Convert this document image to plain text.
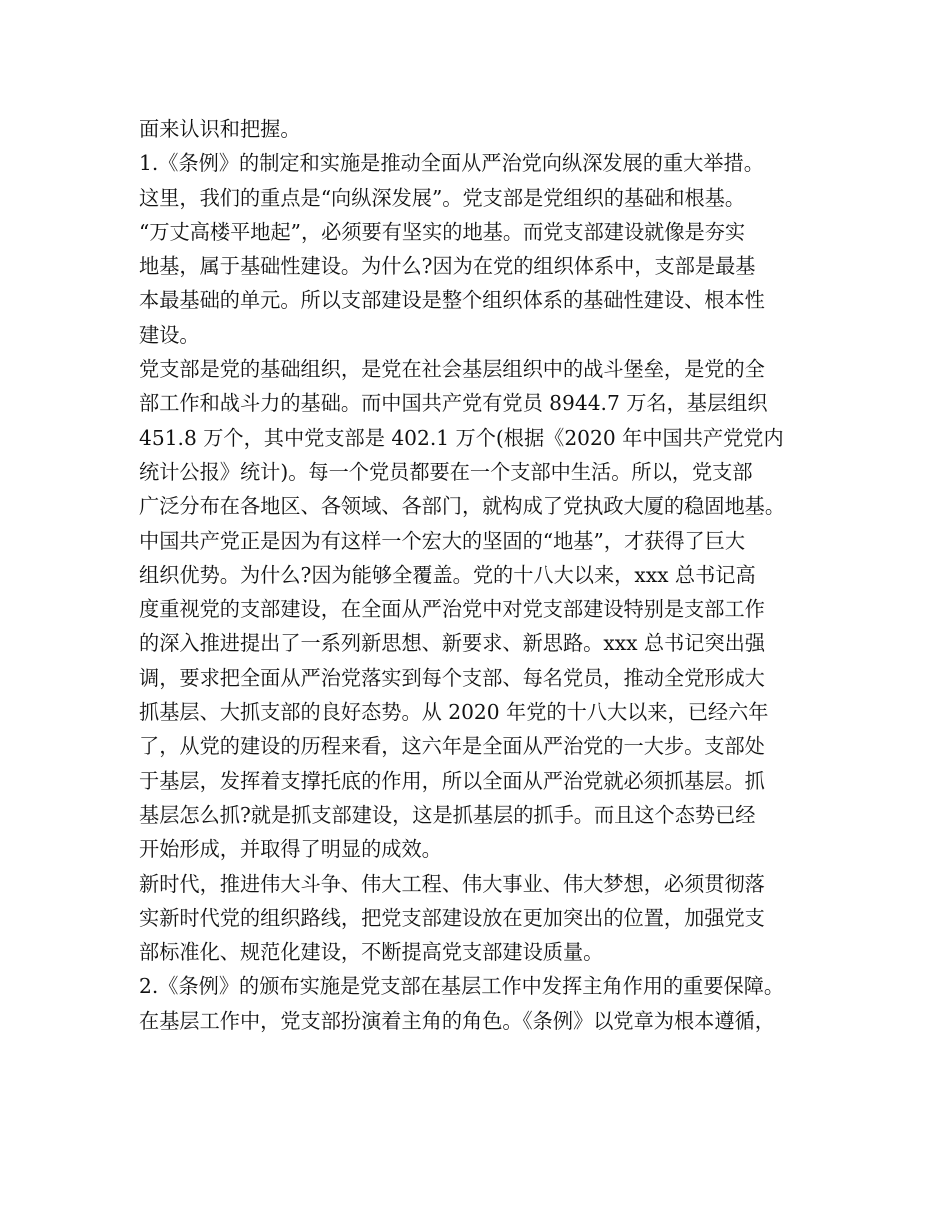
面来认识和把握。
1.《条例》的制定和实施是推动全面从严治党向纵深发展的重大举措。
这里，我们的重点是“向纵深发展”。党支部是党组织的基础和根基。
“万丈高楼平地起”，必须要有坚实的地基。而党支部建设就像是夯实
地基，属于基础性建设。为什么?因为在党的组织体系中，支部是最基
本最基础的单元。所以支部建设是整个组织体系的基础性建设、根本性
建设。
党支部是党的基础组织，是党在社会基层组织中的战斗堡垒，是党的全
部工作和战斗力的基础。而中国共产党有党员 8944.7 万名，基层组织
451.8 万个，其中党支部是 402.1 万个(根据《2020 年中国共产党党内
统计公报》统计)。每一个党员都要在一个支部中生活。所以，党支部
广泛分布在各地区、各领域、各部门，就构成了党执政大厦的稳固地基。
中国共产党正是因为有这样一个宏大的坚固的“地基”，才获得了巨大
组织优势。为什么?因为能够全覆盖。党的十八大以来，xxx 总书记高
度重视党的支部建设，在全面从严治党中对党支部建设特别是支部工作
的深入推进提出了一系列新思想、新要求、新思路。xxx 总书记突出强
调，要求把全面从严治党落实到每个支部、每名党员，推动全党形成大
抓基层、大抓支部的良好态势。从 2020 年党的十八大以来，已经六年
了，从党的建设的历程来看，这六年是全面从严治党的一大步。支部处
于基层，发挥着支撑托底的作用，所以全面从严治党就必须抓基层。抓
基层怎么抓?就是抓支部建设，这是抓基层的抓手。而且这个态势已经
开始形成，并取得了明显的成效。
新时代，推进伟大斗争、伟大工程、伟大事业、伟大梦想，必须贯彻落
实新时代党的组织路线，把党支部建设放在更加突出的位置，加强党支
部标准化、规范化建设，不断提高党支部建设质量。
2.《条例》的颁布实施是党支部在基层工作中发挥主角作用的重要保障。
在基层工作中，党支部扮演着主角的角色。《条例》以党章为根本遵循，
